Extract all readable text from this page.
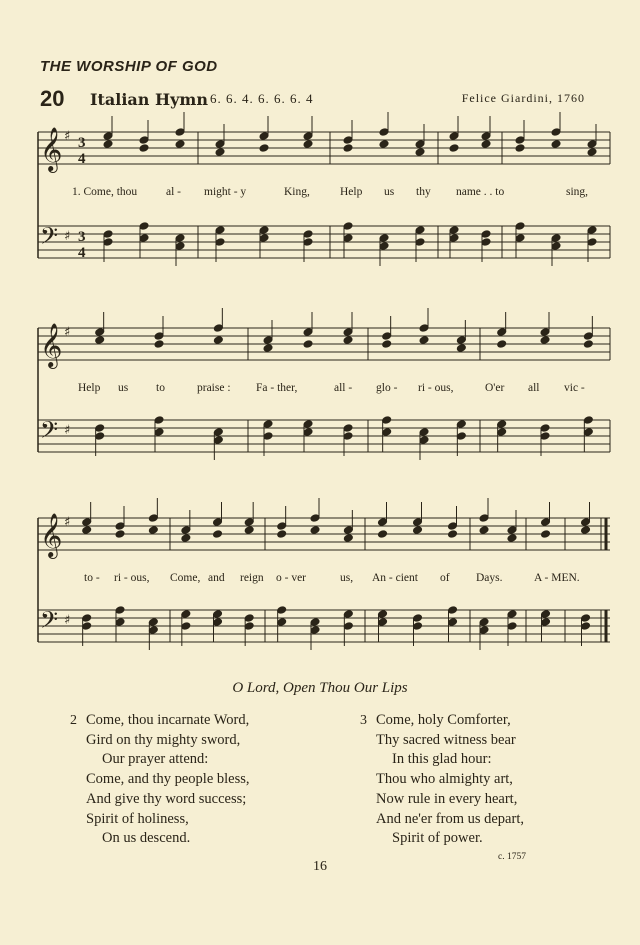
THE WORSHIP OF GOD
20 Italian Hymn 6. 6. 4. 6. 6. 6. 4	Felice Giardini, 1760
𝄞 ♯ 3
4
𝄢 ♯ 3
4
𝄞 ♯
𝄢 ♯
𝄞 ♯
𝄢 ♯
1. Come, thou	al - might - y	King,	Help us thy name . . to	sing,
Help us to	praise : Fa - ther,	all - glo - ri - ous,	O'er all vic -
to - ri - ous, Come, and reign o - ver	us, An - cient of Days.	A - MEN.
O Lord, Open Thou Our Lips
2 Come, thou incarnate Word,
Gird on thy mighty sword,
Our prayer attend:
Come, and thy people bless,
And give thy word success;
Spirit of holiness,
On us descend.
3 Come, holy Comforter,
Thy sacred witness bear
In this glad hour:
Thou who almighty art,
Now rule in every heart,
And ne'er from us depart,
Spirit of power.
c. 1757
16
